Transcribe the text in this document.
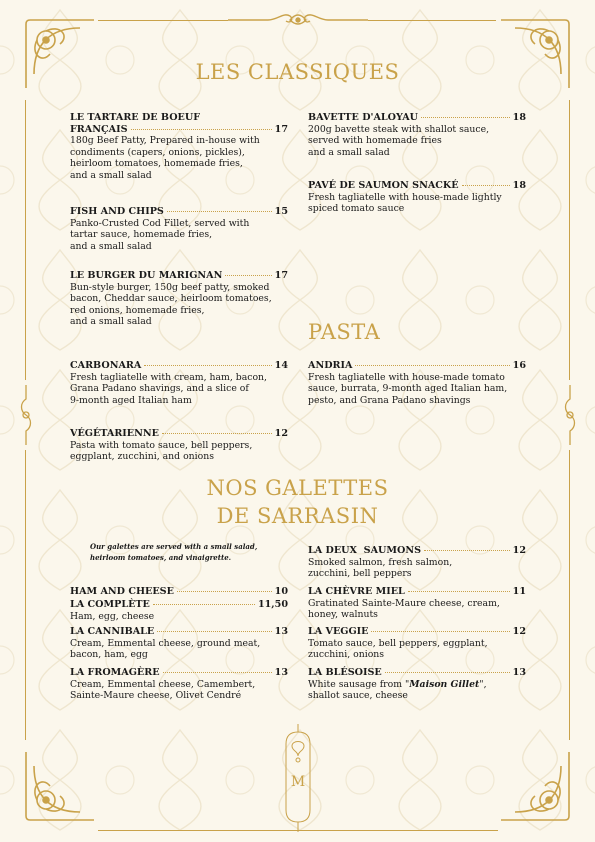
LES CLASSIQUES
PASTA
NOS GALETTES
DE SARRASIN
LE TARTARE DE BOEUF
FRANÇAIS	17
180g Beef Patty, Prepared in-house with
condiments (capers, onions, pickles),
heirloom tomatoes, homemade fries,
and a small salad
FISH AND CHIPS	15
Panko-Crusted Cod Fillet, served with
tartar sauce, homemade fries,
and a small salad
LE BURGER DU MARIGNAN	17
Bun-style burger, 150g beef patty, smoked
bacon, Cheddar sauce, heirloom tomatoes,
red onions, homemade fries,
and a small salad
BAVETTE D'ALOYAU	18
200g bavette steak with shallot sauce,
served with homemade fries
and a small salad
PAVÉ DE SAUMON SNACKÉ	18
Fresh tagliatelle with house-made lightly
spiced tomato sauce
CARBONARA	14
Fresh tagliatelle with cream, ham, bacon,
Grana Padano shavings, and a slice of
9-month aged Italian ham
VÉGÉTARIENNE	12
Pasta with tomato sauce, bell peppers,
eggplant, zucchini, and onions
ANDRIA	16
Fresh tagliatelle with house-made tomato
sauce, burrata, 9-month aged Italian ham,
pesto, and Grana Padano shavings
Our galettes are served with a small salad,
heirloom tomatoes, and vinaigrette.
HAM AND CHEESE	10
LA COMPLÈTE	11,50
Ham, egg, cheese
LA CANNIBALE	13
Cream, Emmental cheese, ground meat,
bacon, ham, egg
LA FROMAGÈRE	13
Cream, Emmental cheese, Camembert,
Sainte-Maure cheese, Olivet Cendré
LA DEUX  SAUMONS	12
Smoked salmon, fresh salmon,
zucchini, bell peppers
LA CHÈVRE MIEL	11
Gratinated Sainte-Maure cheese, cream,
honey, walnuts
LA VEGGIE	12
Tomato sauce, bell peppers, eggplant,
zucchini, onions
LA BLÉSOISE	13
White sausage from "Maison Gillet",
shallot sauce, cheese
M
